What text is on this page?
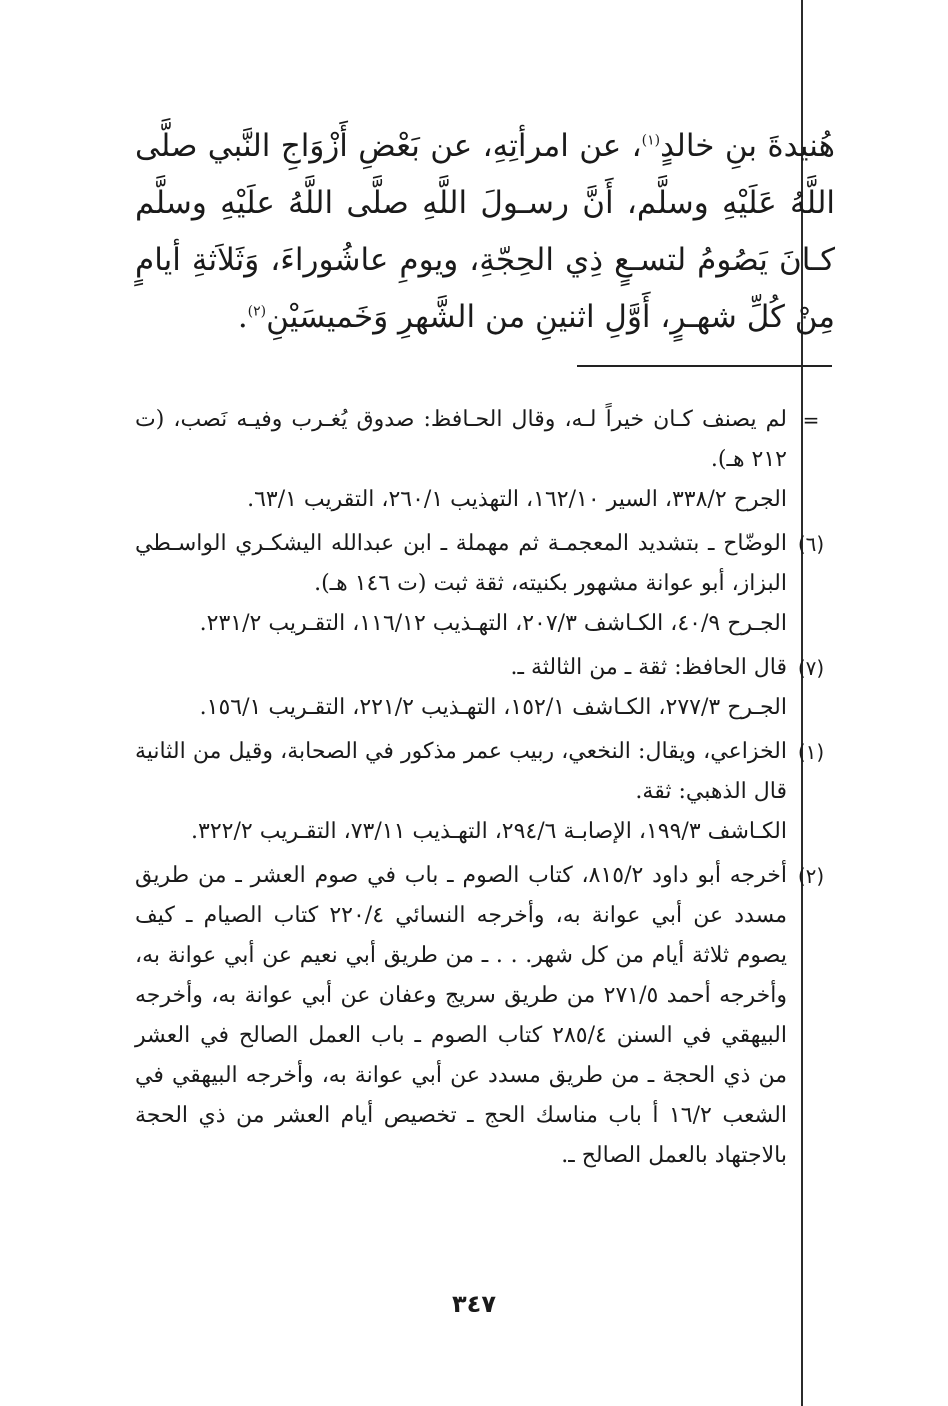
هُنيدةَ بنِ خالدٍ$^{(١)}$، عن امرأتِهِ، عن بَعْضِ أَزْوَاجِ النَّبي صلَّى اللَّهُ عَلَيْهِ وسلَّم، أَنَّ رسـولَ اللَّهِ صلَّى اللَّهُ علَيْهِ وسلَّم كـانَ يَصُومُ لتسـعٍ ذِي الحِجّةِ، ويومِ عاشُوراءَ، وَثَلاَثةِ أيامٍ مِنْ كُلِّ شهـرٍ، أَوَّلِ اثنينِ من الشَّهرِ وَخَميسَيْنِ$^{(٢)}$.
=

لم يصنف كـان خيراً لـه، وقال الحـافظ: صدوق يُغـرب وفيـه نَصب، (ت ٢١٢ هـ).

الجرح ٣٣٨/٢، السير ١٦٢/١٠، التهذيب ٢٦٠/١، التقريب ٦٣/١.

(٦)

الوضّاح ـ بتشديد المعجمـة ثم مهملة ـ ابن عبدالله اليشكـري الواسـطي البزاز، أبو عوانة مشهور بكنيته، ثقة ثبت (ت ١٤٦ هـ).

الجـرح ٤٠/٩، الكـاشف ٢٠٧/٣، التهـذيب ١١٦/١٢، التقـريب ٢٣١/٢.

(٧)

قال الحافظ: ثقة ـ من الثالثة ـ.

الجـرح ٢٧٧/٣، الكـاشف ١٥٢/١، التهـذيب ٢٢١/٢، التقـريب ١٥٦/١.

(١)

الخزاعي، ويقال: النخعي، ربيب عمر مذكور في الصحابة، وقيل من الثانية قال الذهبي: ثقة.

الكـاشف ١٩٩/٣، الإصابـة ٢٩٤/٦، التهـذيب ٧٣/١١، التقـريب ٣٢٢/٢.

(٢)

أخرجه أبو داود ٨١٥/٢، كتاب الصوم ـ باب في صوم العشر ـ من طريق مسدد عن أبي عوانة به، وأخرجه النسائي ٢٢٠/٤ كتاب الصيام ـ كيف يصوم ثلاثة أيام من كل شهر. . . ـ من طريق أبي نعيم عن أبي عوانة به، وأخرجه أحمد ٢٧١/٥ من طريق سريج وعفان عن أبي عوانة به، وأخرجه البيهقي في السنن ٢٨٥/٤ كتاب الصوم ـ باب العمل الصالح في العشر من ذي الحجة ـ من طريق مسدد عن أبي عوانة به، وأخرجه البيهقي في الشعب ١٦/٢ أ باب مناسك الحج ـ تخصيص أيام العشر من ذي الحجة بالاجتهاد بالعمل الصالح ـ.

٣٤٧
